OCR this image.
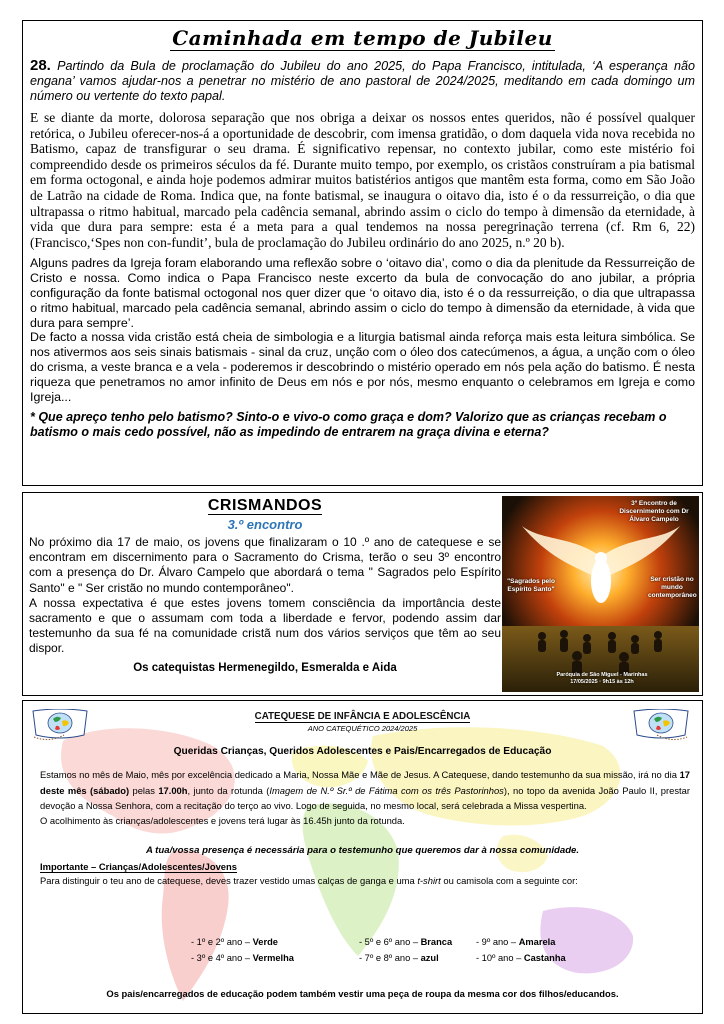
Caminhada em tempo de Jubileu
28. Partindo da Bula de proclamação do Jubileu do ano 2025, do Papa Francisco, intitulada, ‘A esperança não engana’ vamos ajudar-nos a penetrar no mistério de ano pastoral de 2024/2025, meditando em cada domingo um número ou vertente do texto papal.
E se diante da morte, dolorosa separação que nos obriga a deixar os nossos entes queridos, não é possível qualquer retórica, o Jubileu oferecer-nos-á a oportunidade de descobrir, com imensa gratidão, o dom daquela vida nova recebida no Batismo, capaz de transfigurar o seu drama. É significativo repensar, no contexto jubilar, como este mistério foi compreendido desde os primeiros séculos da fé. Durante muito tempo, por exemplo, os cristãos construíram a pia batismal em forma octogonal, e ainda hoje podemos admirar muitos batistérios antigos que mantêm esta forma, como em São João de Latrão na cidade de Roma. Indica que, na fonte batismal, se inaugura o oitavo dia, isto é o da ressurreição, o dia que ultrapassa o ritmo habitual, marcado pela cadência semanal, abrindo assim o ciclo do tempo à dimensão da eternidade, à vida que dura para sempre: esta é a meta para a qual tendemos na nossa peregrinação terrena (cf. Rm 6, 22) (Francisco,‘Spes non con-fundit’, bula de proclamação do Jubileu ordinário do ano 2025, n.º 20 b).
Alguns padres da Igreja foram elaborando uma reflexão sobre o ‘oitavo dia’, como o dia da plenitude da Ressurreição de Cristo e nossa. Como indica o Papa Francisco neste excerto da bula de convocação do ano jubilar, a própria configuração da fonte batismal octogonal nos quer dizer que ‘o oitavo dia, isto é o da ressurreição, o dia que ultrapassa o ritmo habitual, marcado pela cadência semanal, abrindo assim o ciclo do tempo à dimensão da eternidade, à vida que dura para sempre’.
De facto a nossa vida cristão está cheia de simbologia e a liturgia batismal ainda reforça mais esta leitura simbólica. Se nos ativermos aos seis sinais batismais - sinal da cruz, unção com o óleo dos catecúmenos, a água, a unção com o óleo do crisma, a veste branca e a vela - poderemos ir descobrindo o mistério operado em nós pela ação do batismo. É nesta riqueza que penetramos no amor infinito de Deus em nós e por nós, mesmo enquanto o celebramos em Igreja e como Igreja...
* Que apreço tenho pelo batismo? Sinto-o e vivo-o como graça e dom? Valorizo que as crianças recebam o batismo o mais cedo possível, não as impedindo de entrarem na graça divina e eterna?
CRISMANDOS
3.º encontro
No próximo dia 17 de maio, os jovens que finalizaram o 10 .º ano de catequese e se encontram em discernimento para o Sacramento do Crisma, terão o seu 3º encontro com a presença do Dr. Álvaro Campelo que abordará o tema " Sagrados pelo Espírito Santo" e " Ser cristão no mundo contemporâneo".
A nossa expectativa é que estes jovens tomem consciência da importância deste sacramento e que o assumam com toda a liberdade e fervor, podendo assim dar testemunho da sua fé na comunidade cristã num dos vários serviços que têm ao seu dispor.
Os catequistas Hermenegildo, Esmeralda e Aida
3º Encontro de Discernimento com Dr Álvaro Campelo
"Sagrados pelo Espírito Santo"
Ser cristão no mundo contemporâneo
Paróquia de São Miguel - Marinhas 17/05/2025 · 9h15 às 12h
CATEQUESE DE INFÂNCIA E ADOLESCÊNCIA
ANO CATEQUÉTICO 2024/2025
Queridas Crianças, Queridos Adolescentes e Pais/Encarregados de Educação
Estamos no mês de Maio, mês por excelência dedicado a Maria, Nossa Mãe e Mãe de Jesus. A Catequese, dando testemunho da sua missão, irá no dia 17 deste mês (sábado) pelas 17.00h, junto da rotunda (Imagem de N.º Sr.º de Fátima com os três Pastorinhos), no topo da avenida João Paulo II, prestar devoção a Nossa Senhora, com a recitação do terço ao vivo. Logo de seguida, no mesmo local, será celebrada a Missa vespertina.
O acolhimento às crianças/adolescentes e jovens terá lugar às 16.45h junto da rotunda.
A tua/vossa presença é necessária para o testemunho que queremos dar à nossa comunidade.
Importante – Crianças/Adolescentes/Jovens
Para distinguir o teu ano de catequese, deves trazer vestido umas calças de ganga e uma t-shirt ou camisola com a seguinte cor:
- 1º e 2º ano – Verde
- 3º e 4º ano – Vermelha
- 5º e 6º ano – Branca
- 7º e 8º ano – azul
- 9º ano – Amarela
- 10º ano – Castanha
Os pais/encarregados de educação podem também vestir uma peça de roupa da mesma cor dos filhos/educandos.
